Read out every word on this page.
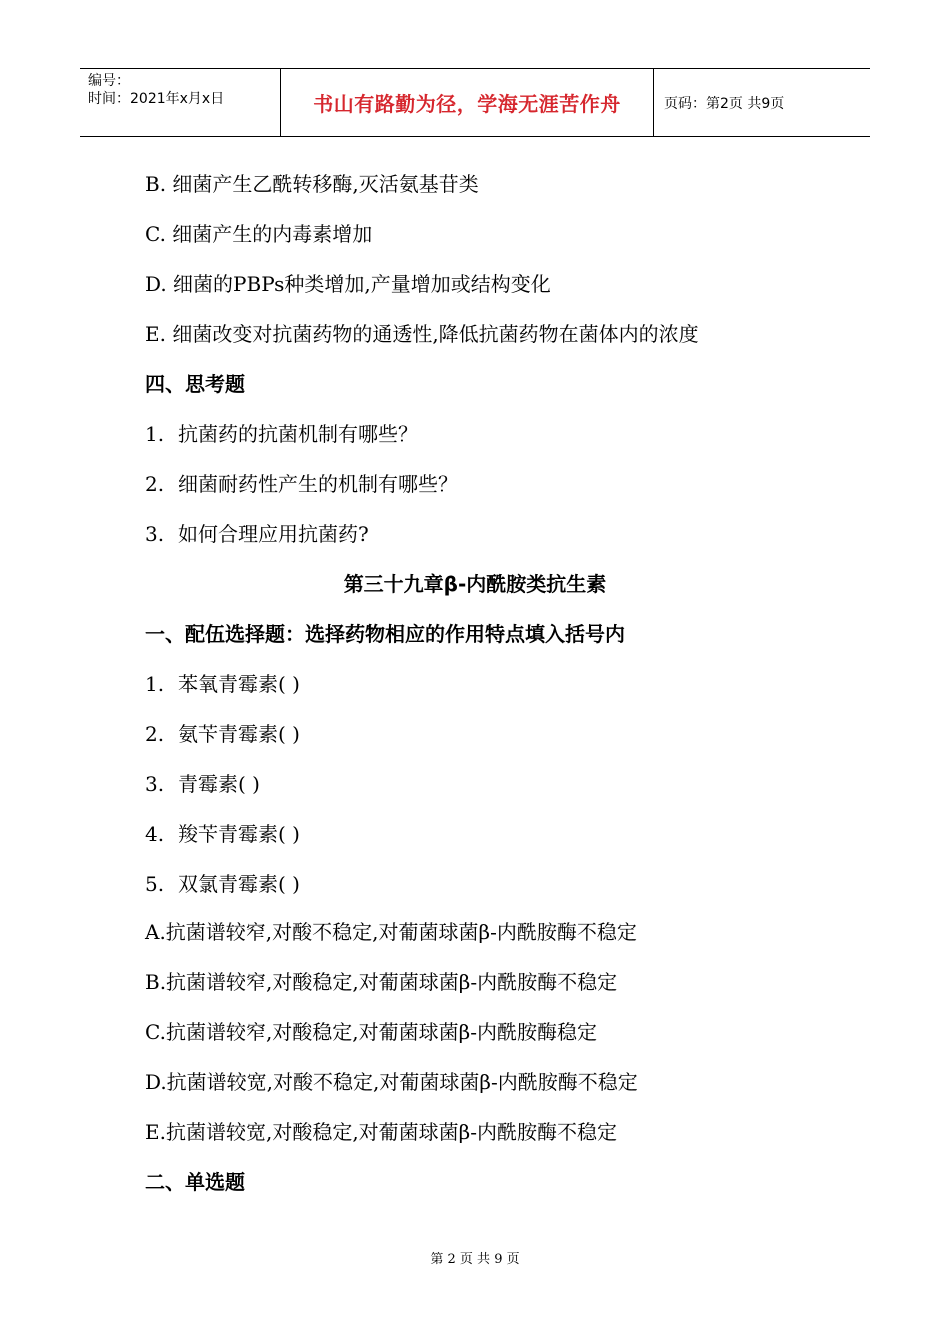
编号：
时间：2021年x月x日	书山有路勤为径，学海无涯苦作舟	页码：第2页 共9页
B. 细菌产生乙酰转移酶,灭活氨基苷类
C. 细菌产生的内毒素增加
D. 细菌的PBPs种类增加,产量增加或结构变化
E. 细菌改变对抗菌药物的通透性,降低抗菌药物在菌体内的浓度
四、思考题
1. 抗菌药的抗菌机制有哪些？
2. 细菌耐药性产生的机制有哪些？
3. 如何合理应用抗菌药?
第三十九章β-内酰胺类抗生素
一、配伍选择题：选择药物相应的作用特点填入括号内
1. 苯氧青霉素( )
2. 氨苄青霉素( )
3. 青霉素( )
4. 羧苄青霉素( )
5. 双氯青霉素( )
A.抗菌谱较窄,对酸不稳定,对葡菌球菌β-内酰胺酶不稳定
B.抗菌谱较窄,对酸稳定,对葡菌球菌β-内酰胺酶不稳定
C.抗菌谱较窄,对酸稳定,对葡菌球菌β-内酰胺酶稳定
D.抗菌谱较宽,对酸不稳定,对葡菌球菌β-内酰胺酶不稳定
E.抗菌谱较宽,对酸稳定,对葡菌球菌β-内酰胺酶不稳定
二、单选题
第 2 页 共 9 页
